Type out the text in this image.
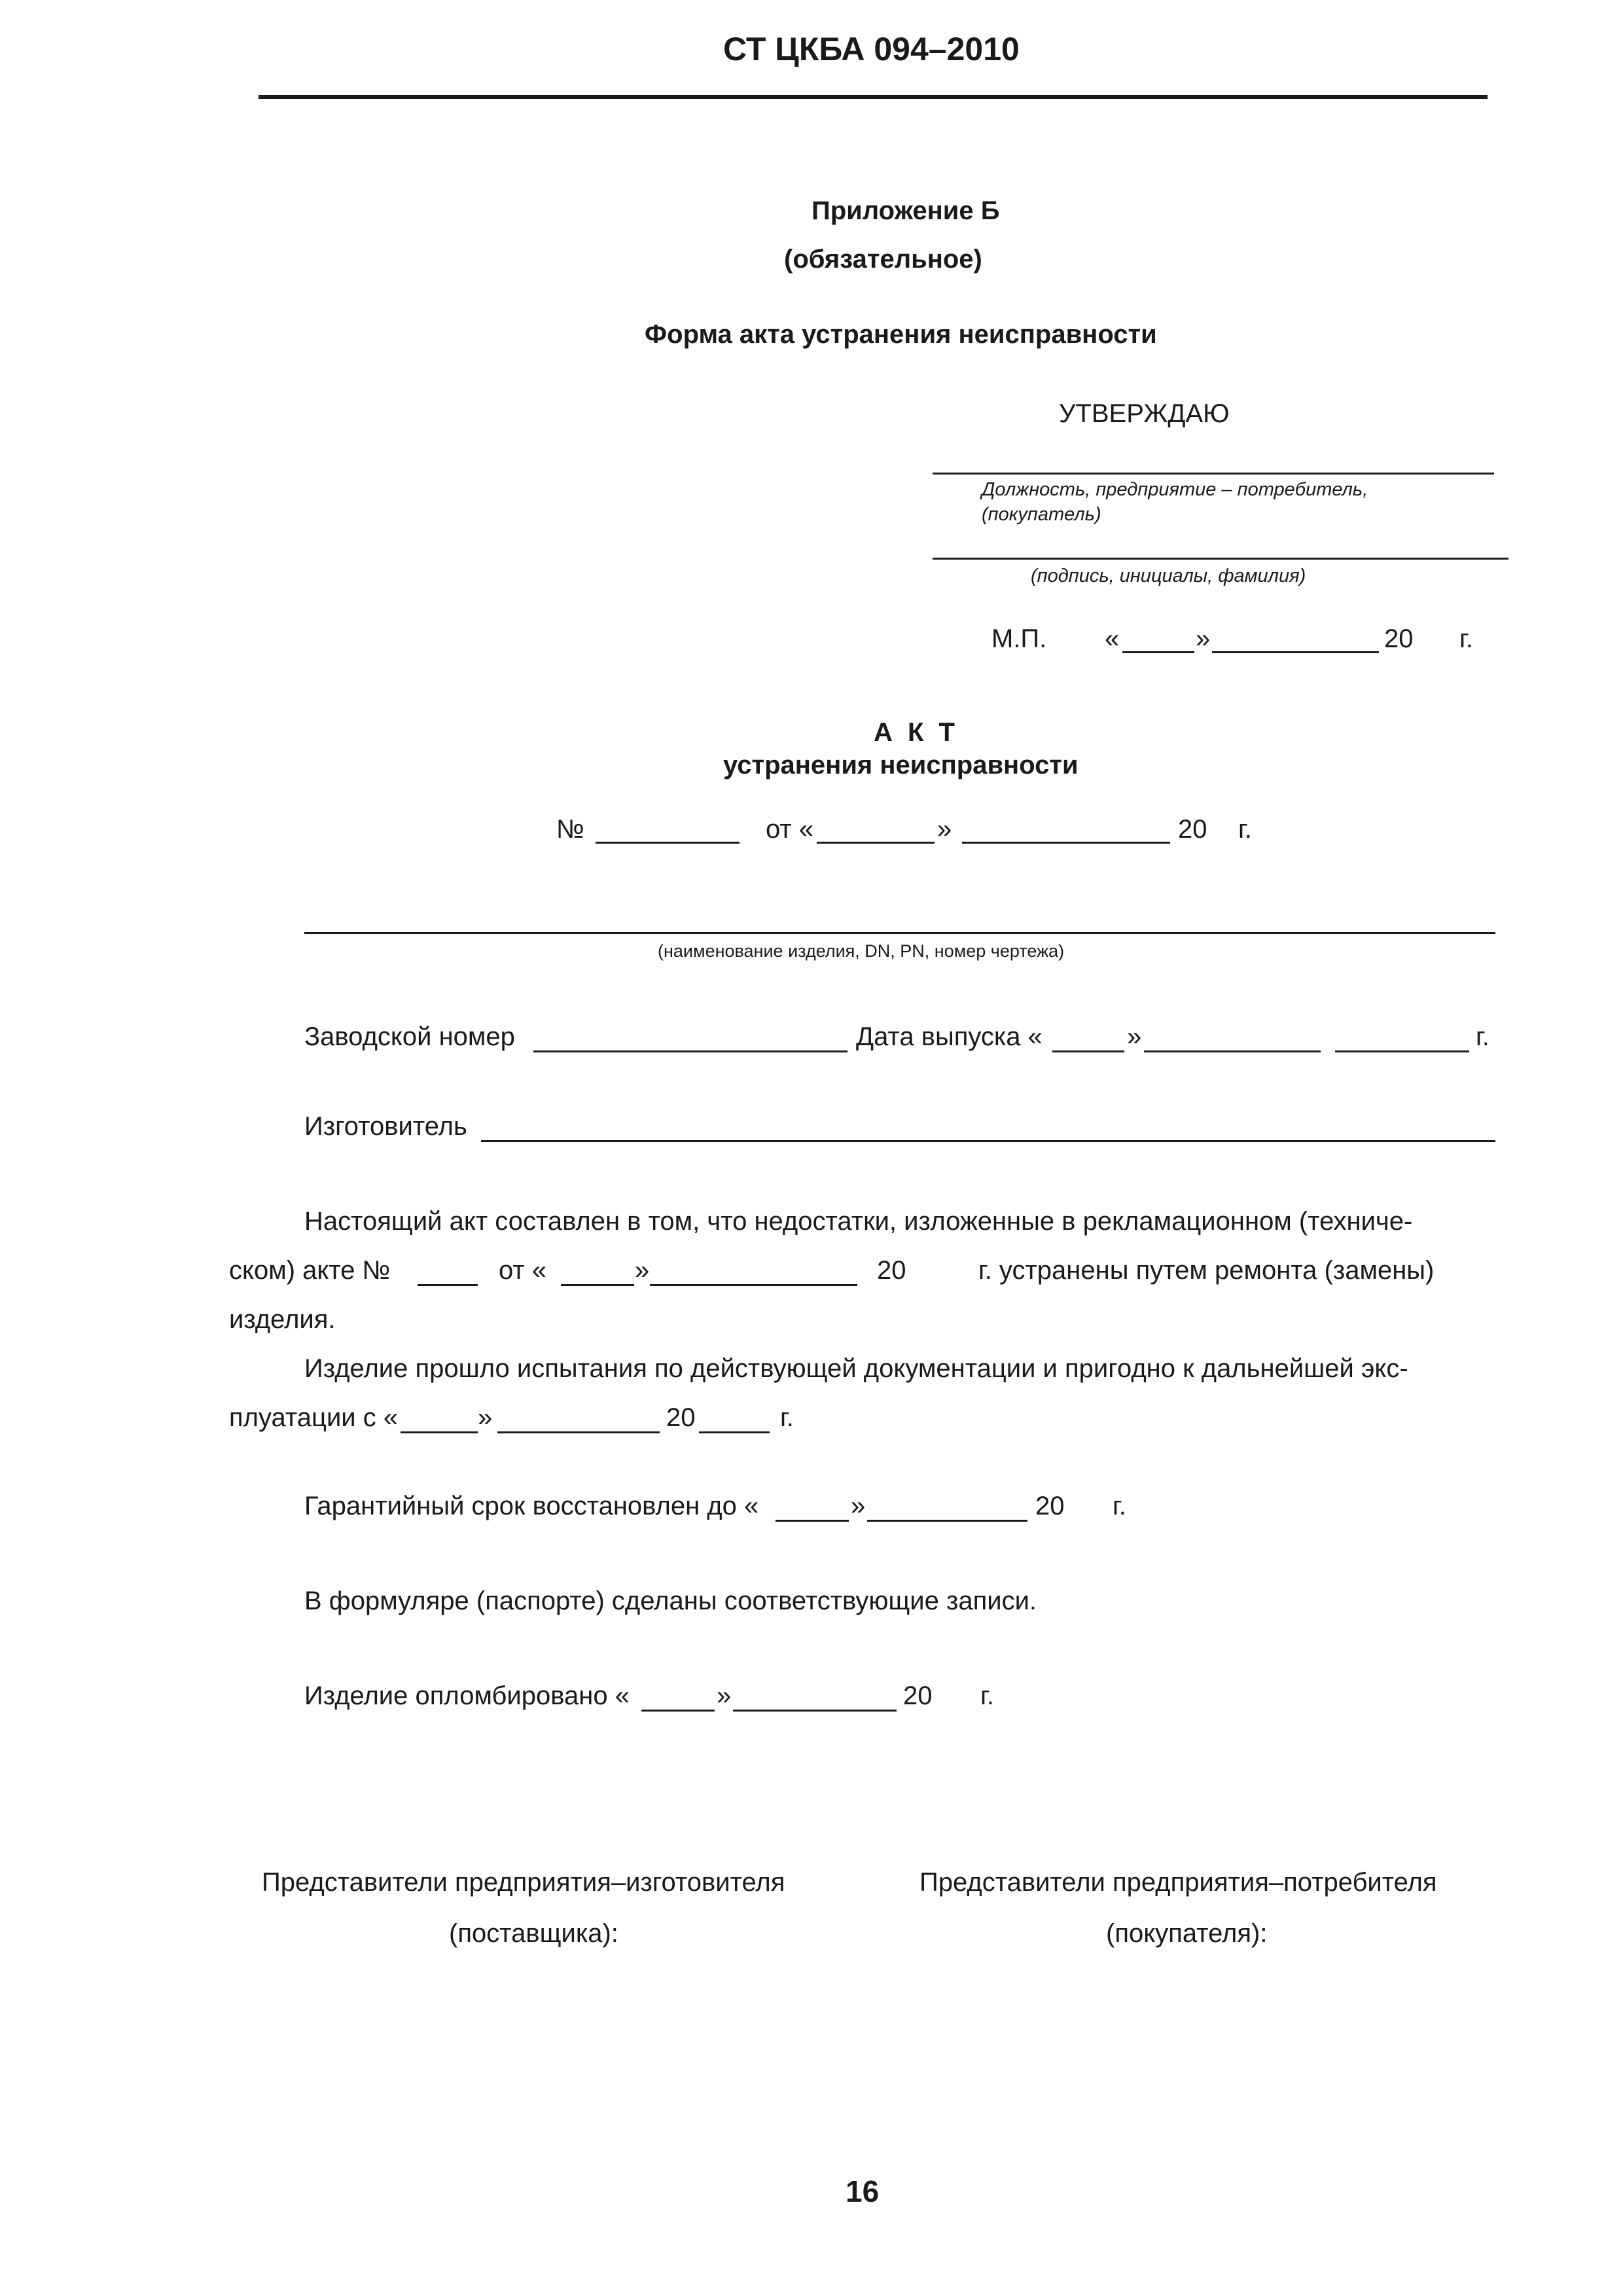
СТ ЦКБА 094–2010
Приложение Б
(обязательное)
Форма акта устранения неисправности
УТВЕРЖДАЮ
Должность, предприятие – потребитель,
(покупатель)
(подпись, инициалы, фамилия)
М.П. «	»	20 г.
А К Т
устранения неисправности
№	от «	»	20 г.
(наименование изделия, DN, PN, номер чертежа)
Заводской номер	Дата выпуска «	»	г.
Изготовитель
Настоящий акт составлен в том, что недостатки, изложенные в рекламационном (техниче-
ском) акте №	от «	»	20	г. устранены путем ремонта (замены)
изделия.
Изделие прошло испытания по действующей документации и пригодно к дальнейшей экс-
плуатации с «	»	20	г.
Гарантийный срок восстановлен до «	»	20 г.
В формуляре (паспорте) сделаны соответствующие записи.
Изделие опломбировано «	»	20 г.
Представители предприятия–изготовителя
(поставщика):
Представители предприятия–потребителя
(покупателя):
16
